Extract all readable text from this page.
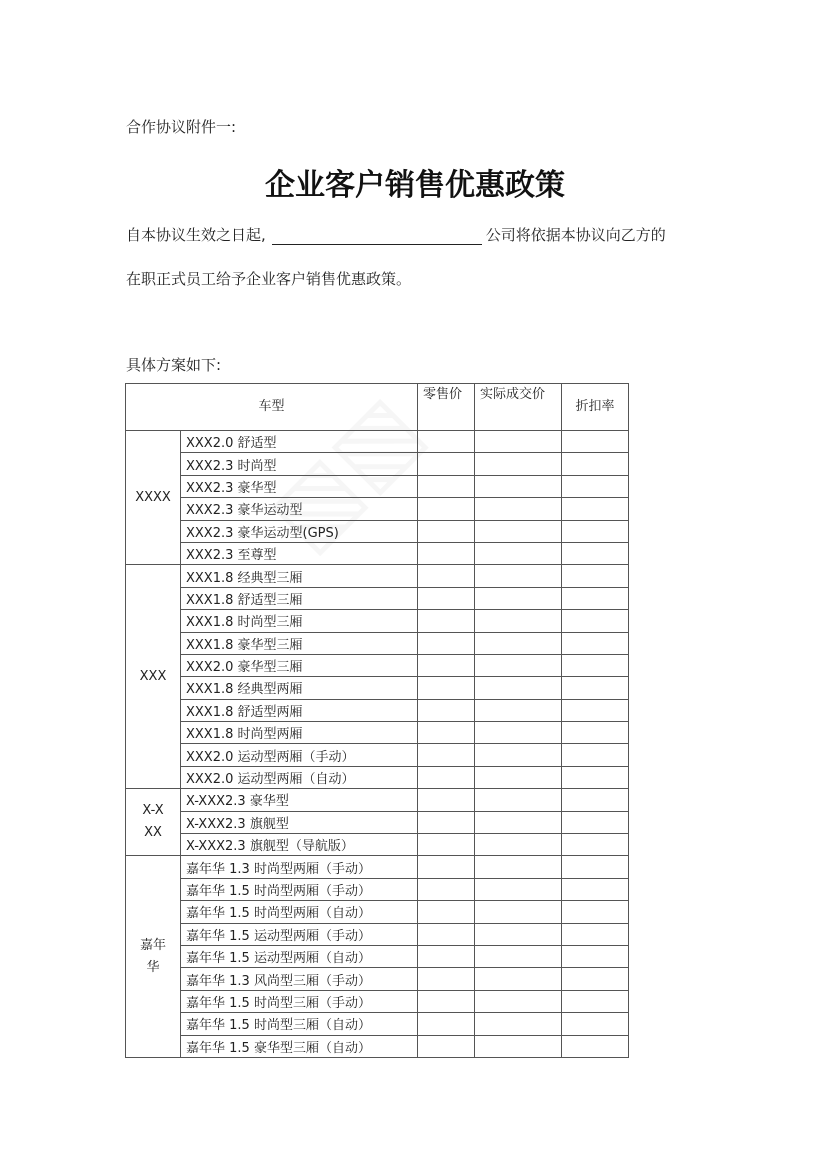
合作协议附件一:
企业客户销售优惠政策
自本协议生效之日起,	公司将依据本协议向乙方的
在职正式员工给予企业客户销售优惠政策。
具体方案如下:
车型		零售价	实际成交价	折扣率
XXXX	XXX2.0 舒适型			
	XXX2.3 时尚型			
	XXX2.3 豪华型			
	XXX2.3 豪华运动型			
	XXX2.3 豪华运动型(GPS)			
	XXX2.3 至尊型			
XXX	XXX1.8 经典型三厢			
	XXX1.8 舒适型三厢			
	XXX1.8 时尚型三厢			
	XXX1.8 豪华型三厢			
	XXX2.0 豪华型三厢			
	XXX1.8 经典型两厢			
	XXX1.8 舒适型两厢			
	XXX1.8 时尚型两厢			
	XXX2.0 运动型两厢（手动）			
	XXX2.0 运动型两厢（自动）			
X-XXX	X-XXX2.3 豪华型			
	X-XXX2.3 旗舰型			
	X-XXX2.3 旗舰型（导航版）			
嘉年华	嘉年华 1.3 时尚型两厢（手动）			
	嘉年华 1.5 时尚型两厢（手动）			
	嘉年华 1.5 时尚型两厢（自动）			
	嘉年华 1.5 运动型两厢（手动）			
	嘉年华 1.5 运动型两厢（自动）			
	嘉年华 1.3 风尚型三厢（手动）			
	嘉年华 1.5 时尚型三厢（手动）			
	嘉年华 1.5 时尚型三厢（自动）			
	嘉年华 1.5 豪华型三厢（自动）			
